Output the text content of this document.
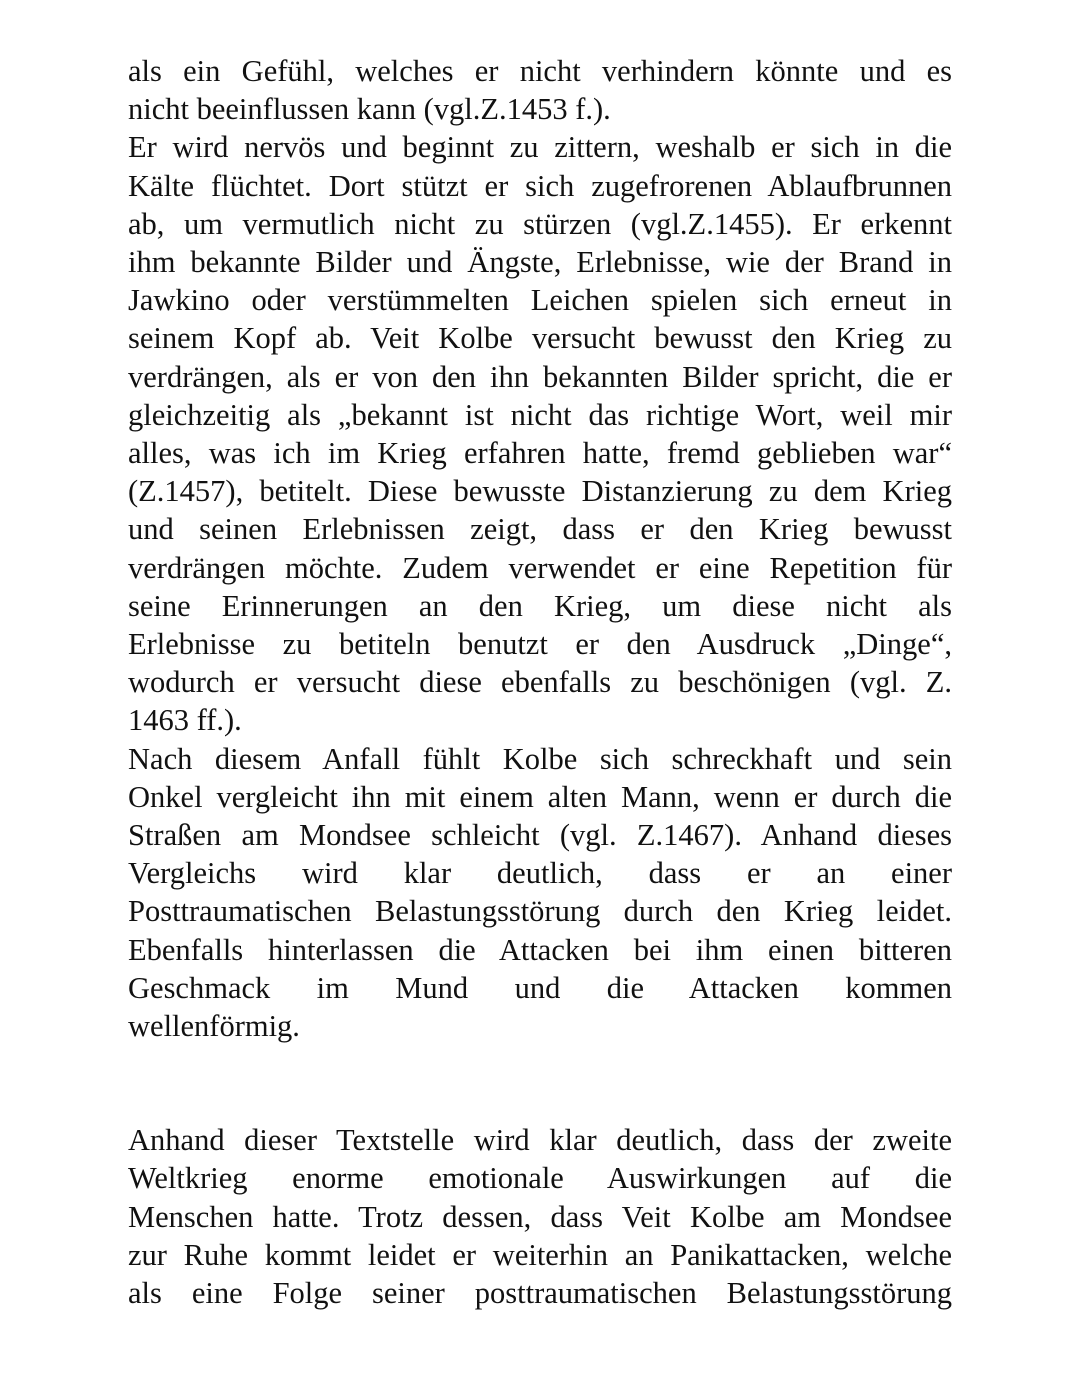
als ein Gefühl, welches er nicht verhindern könnte und es

nicht beeinflussen kann (vgl.Z.1453 f.).

Er wird nervös und beginnt zu zittern, weshalb er sich in die

Kälte flüchtet. Dort stützt er sich zugefrorenen Ablaufbrunnen

ab, um vermutlich nicht zu stürzen (vgl.Z.1455). Er erkennt

ihm bekannte Bilder und Ängste, Erlebnisse, wie der Brand in

Jawkino oder verstümmelten Leichen spielen sich erneut in

seinem Kopf ab. Veit Kolbe versucht bewusst den Krieg zu

verdrängen, als er von den ihn bekannten Bilder spricht, die er

gleichzeitig als „bekannt ist nicht das richtige Wort, weil mir

alles, was ich im Krieg erfahren hatte, fremd geblieben war“

(Z.1457), betitelt. Diese bewusste Distanzierung zu dem Krieg

und seinen Erlebnissen zeigt, dass er den Krieg bewusst

verdrängen möchte. Zudem verwendet er eine Repetition für

seine Erinnerungen an den Krieg, um diese nicht als

Erlebnisse zu betiteln benutzt er den Ausdruck „Dinge“,

wodurch er versucht diese ebenfalls zu beschönigen (vgl. Z.

1463 ff.).

Nach diesem Anfall fühlt Kolbe sich schreckhaft und sein

Onkel vergleicht ihn mit einem alten Mann, wenn er durch die

Straßen am Mondsee schleicht (vgl. Z.1467). Anhand dieses

Vergleichs wird klar deutlich, dass er an einer

Posttraumatischen Belastungsstörung durch den Krieg leidet.

Ebenfalls hinterlassen die Attacken bei ihm einen bitteren

Geschmack im Mund und die Attacken kommen

wellenförmig.

Anhand dieser Textstelle wird klar deutlich, dass der zweite

Weltkrieg enorme emotionale Auswirkungen auf die

Menschen hatte. Trotz dessen, dass Veit Kolbe am Mondsee

zur Ruhe kommt leidet er weiterhin an Panikattacken, welche

als eine Folge seiner posttraumatischen Belastungsstörung
